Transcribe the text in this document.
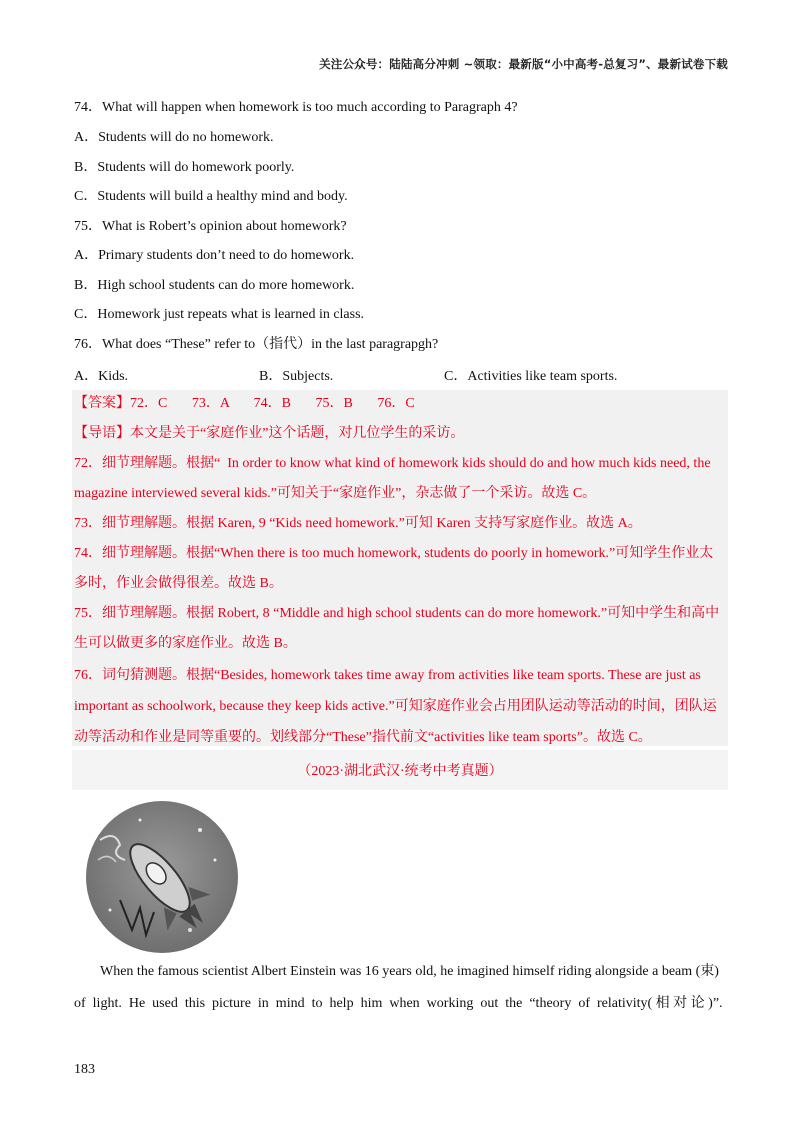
关注公众号：陆陆高分冲刺 ~领取：最新版“小中高考-总复习”、最新试卷下载
74．What will happen when homework is too much according to Paragraph 4?
A．Students will do no homework.
B．Students will do homework poorly.
C．Students will build a healthy mind and body.
75．What is Robert’s opinion about homework?
A．Primary students don’t need to do homework.
B．High school students can do more homework.
C．Homework just repeats what is learned in class.
76．What does “These” refer to（指代）in the last paragrapgh?
A．Kids.	B．Subjects.	C．Activities like team sports.
【答案】72．C       73．A       74．B       75．B       76．C
【导语】本文是关于“家庭作业”这个话题，对几位学生的采访。
72．细节理解题。根据“  In order to know what kind of homework kids should do and how much kids need, the
magazine interviewed several kids.”可知关于“家庭作业”，杂志做了一个采访。故选 C。
73．细节理解题。根据 Karen, 9 “Kids need homework.”可知 Karen 支持写家庭作业。故选 A。
74．细节理解题。根据“When there is too much homework, students do poorly in homework.”可知学生作业太
多时，作业会做得很差。故选 B。
75．细节理解题。根据 Robert, 8 “Middle and high school students can do more homework.”可知中学生和高中
生可以做更多的家庭作业。故选 B。
76．词句猜测题。根据“Besides, homework takes time away from activities like team sports. These are just as
important as schoolwork, because they keep kids active.”可知家庭作业会占用团队运动等活动的时间，团队运
动等活动和作业是同等重要的。划线部分“These”指代前文“activities like team sports”。故选 C。
（2023·湖北武汉·统考中考真题）
When the famous scientist Albert Einstein was 16 years old, he imagined himself riding alongside a beam (束)
of  light.  He  used  this  picture  in  mind  to  help  him  when  working  out  the  “theory  of  relativity( 相 对 论 )”.
183
